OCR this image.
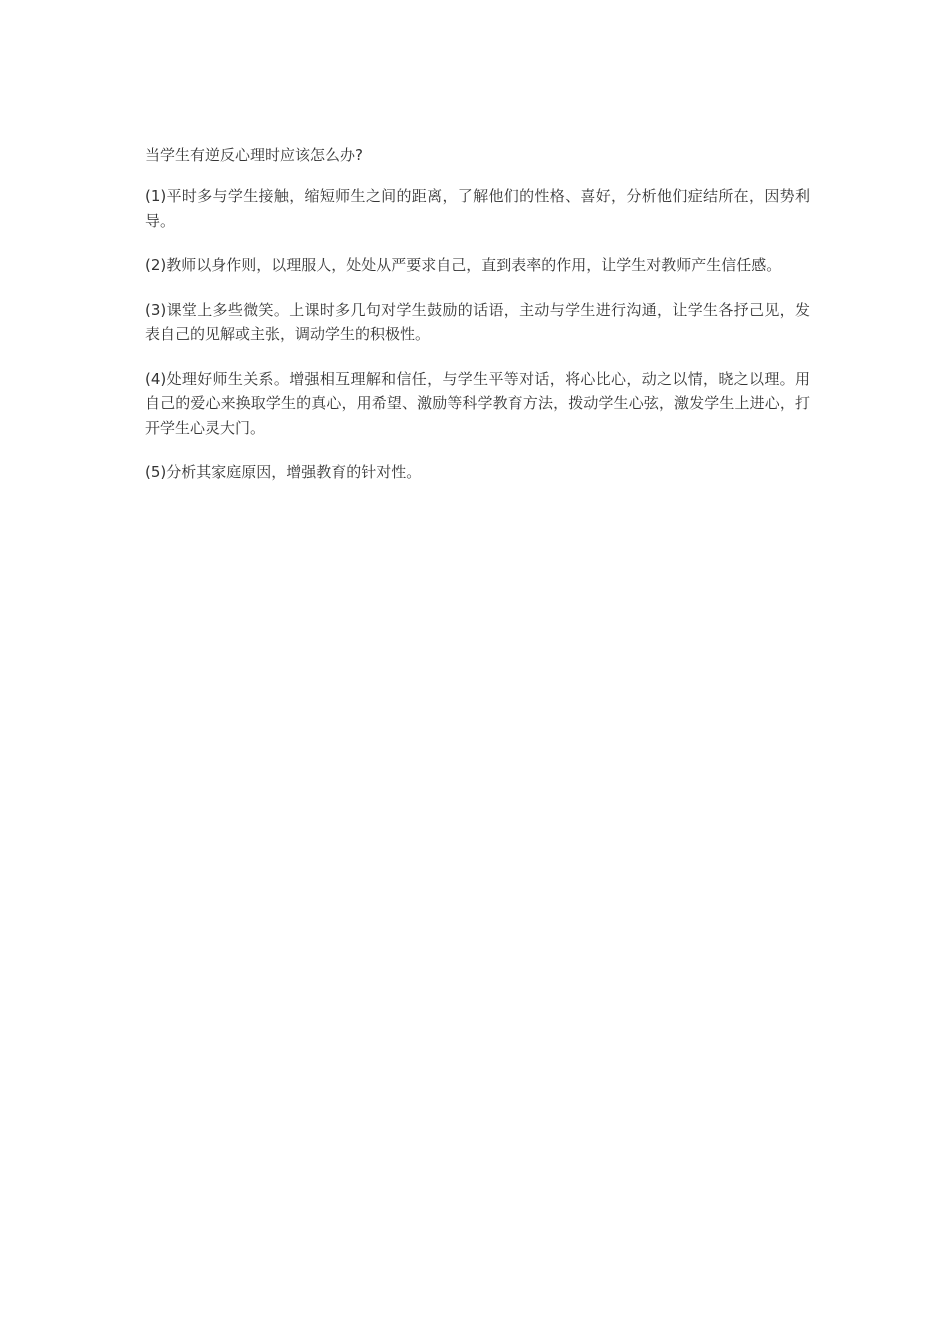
当学生有逆反心理时应该怎么办?

(1)平时多与学生接触，缩短师生之间的距离，了解他们的性格、喜好，分析他们症结所在，因势利导。

(2)教师以身作则，以理服人，处处从严要求自己，直到表率的作用，让学生对教师产生信任感。

(3)课堂上多些微笑。上课时多几句对学生鼓励的话语，主动与学生进行沟通，让学生各抒己见，发表自己的见解或主张，调动学生的积极性。

(4)处理好师生关系。增强相互理解和信任，与学生平等对话，将心比心，动之以情，晓之以理。用自己的爱心来换取学生的真心，用希望、激励等科学教育方法，拨动学生心弦，激发学生上进心，打开学生心灵大门。

(5)分析其家庭原因，增强教育的针对性。
